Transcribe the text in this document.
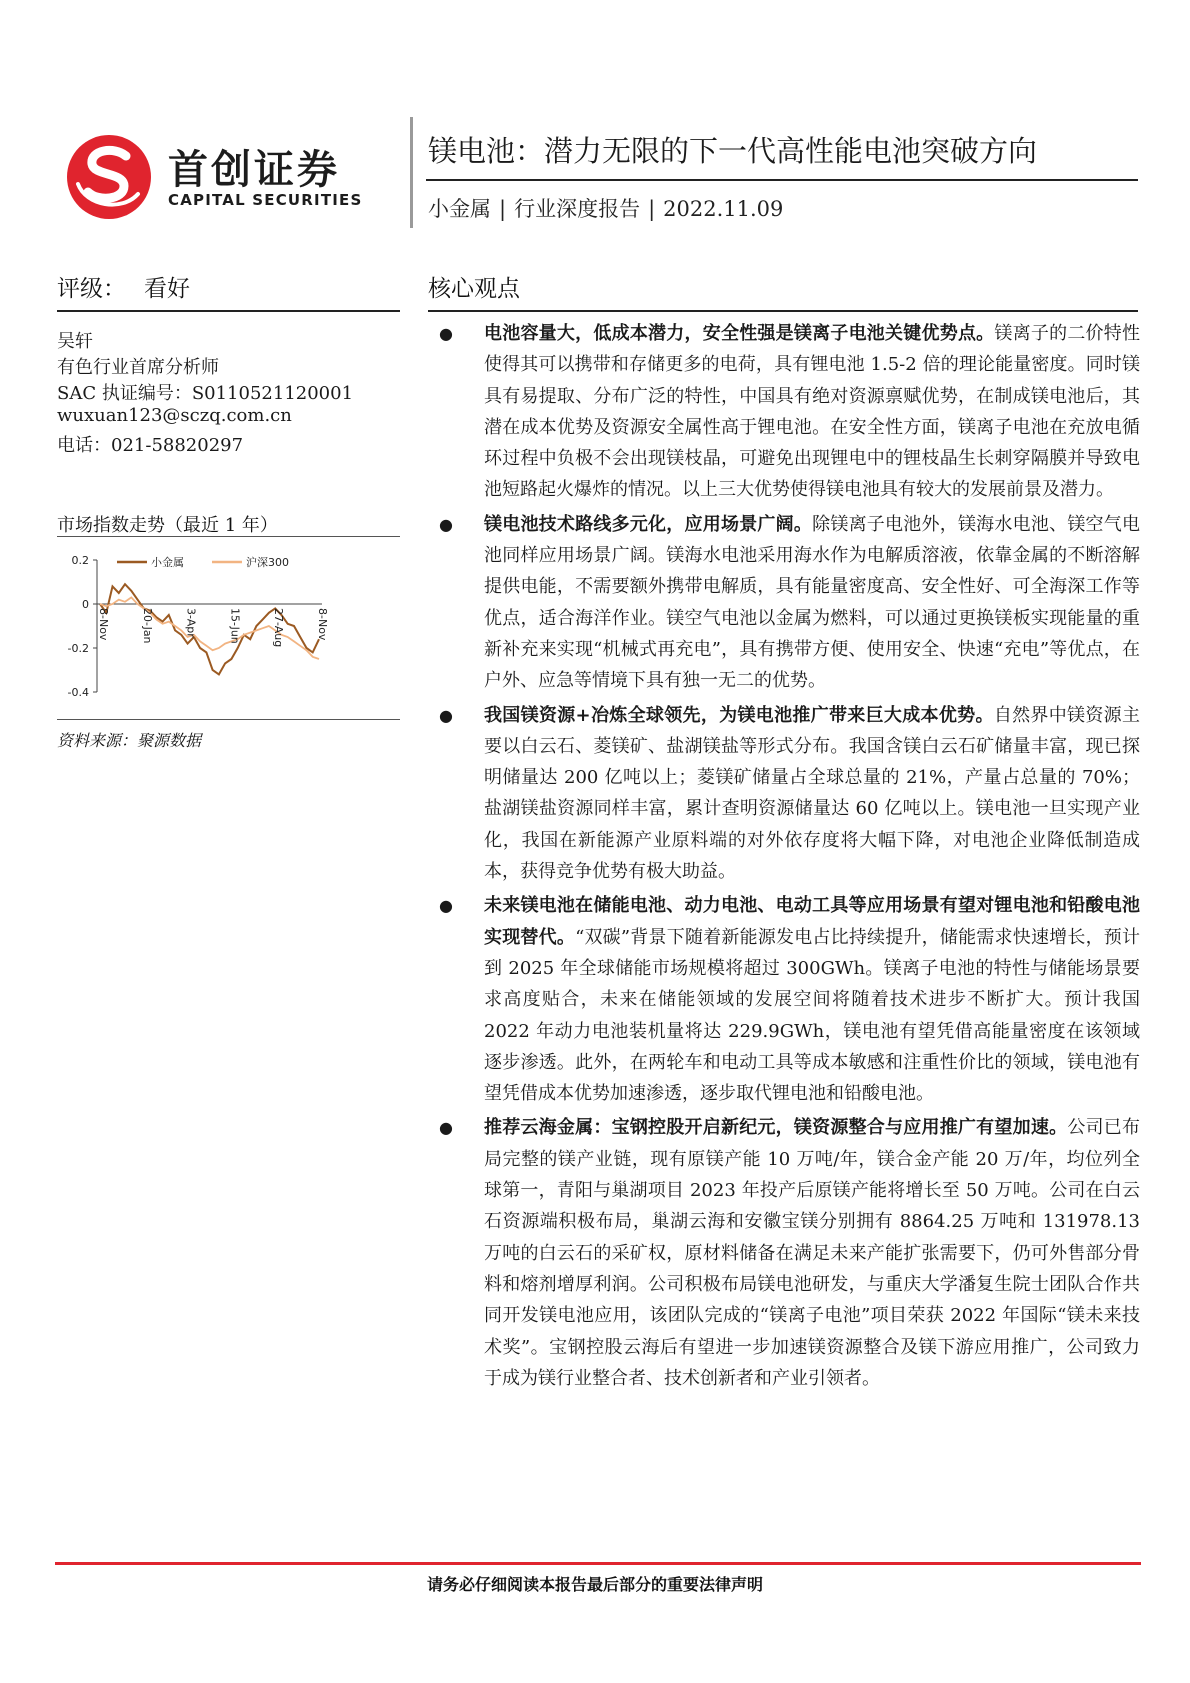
首创证券
CAPITAL SECURITIES
镁电池：潜力无限的下一代高性能电池突破方向
小金属 | 行业深度报告 | 2022.11.09
评级： 看好
吴轩
有色行业首席分析师
SAC 执证编号：S0110521120001
wuxuan123@sczq.com.cn
电话：021-58820297
市场指数走势（最近 1 年）
小金属	沪深300
0.2
0
-0.2
-0.4
8-Nov	20-Jan	3-Apr	15-Jun	27-Aug	8-Nov
资料来源：聚源数据
核心观点
● 电池容量大，低成本潜力，安全性强是镁离子电池关键优势点。镁离子的二价特性使得其可以携带和存储更多的电荷，具有锂电池 1.5-2 倍的理论能量密度。同时镁具有易提取、分布广泛的特性，中国具有绝对资源禀赋优势，在制成镁电池后，其潜在成本优势及资源安全属性高于锂电池。在安全性方面，镁离子电池在充放电循环过程中负极不会出现镁枝晶，可避免出现锂电中的锂枝晶生长刺穿隔膜并导致电池短路起火爆炸的情况。以上三大优势使得镁电池具有较大的发展前景及潜力。
● 镁电池技术路线多元化，应用场景广阔。除镁离子电池外，镁海水电池、镁空气电池同样应用场景广阔。镁海水电池采用海水作为电解质溶液，依靠金属的不断溶解提供电能，不需要额外携带电解质，具有能量密度高、安全性好、可全海深工作等优点，适合海洋作业。镁空气电池以金属为燃料，可以通过更换镁板实现能量的重新补充来实现“机械式再充电”，具有携带方便、使用安全、快速“充电”等优点，在户外、应急等情境下具有独一无二的优势。
● 我国镁资源+冶炼全球领先，为镁电池推广带来巨大成本优势。自然界中镁资源主要以白云石、菱镁矿、盐湖镁盐等形式分布。我国含镁白云石矿储量丰富，现已探明储量达 200 亿吨以上；菱镁矿储量占全球总量的 21%，产量占总量的 70%；盐湖镁盐资源同样丰富，累计查明资源储量达 60 亿吨以上。镁电池一旦实现产业化，我国在新能源产业原料端的对外依存度将大幅下降，对电池企业降低制造成本，获得竞争优势有极大助益。
● 未来镁电池在储能电池、动力电池、电动工具等应用场景有望对锂电池和铅酸电池实现替代。“双碳”背景下随着新能源发电占比持续提升，储能需求快速增长，预计到 2025 年全球储能市场规模将超过 300GWh。镁离子电池的特性与储能场景要求高度贴合，未来在储能领域的发展空间将随着技术进步不断扩大。预计我国 2022 年动力电池装机量将达 229.9GWh，镁电池有望凭借高能量密度在该领域逐步渗透。此外，在两轮车和电动工具等成本敏感和注重性价比的领域，镁电池有望凭借成本优势加速渗透，逐步取代锂电池和铅酸电池。
● 推荐云海金属：宝钢控股开启新纪元，镁资源整合与应用推广有望加速。公司已布局完整的镁产业链，现有原镁产能 10 万吨/年，镁合金产能 20 万/年，均位列全球第一，青阳与巢湖项目 2023 年投产后原镁产能将增长至 50 万吨。公司在白云石资源端积极布局，巢湖云海和安徽宝镁分别拥有 8864.25 万吨和 131978.13 万吨的白云石的采矿权，原材料储备在满足未来产能扩张需要下，仍可外售部分骨料和熔剂增厚利润。公司积极布局镁电池研发，与重庆大学潘复生院士团队合作共同开发镁电池应用，该团队完成的“镁离子电池”项目荣获 2022 年国际“镁未来技术奖”。宝钢控股云海后有望进一步加速镁资源整合及镁下游应用推广，公司致力于成为镁行业整合者、技术创新者和产业引领者。
请务必仔细阅读本报告最后部分的重要法律声明
